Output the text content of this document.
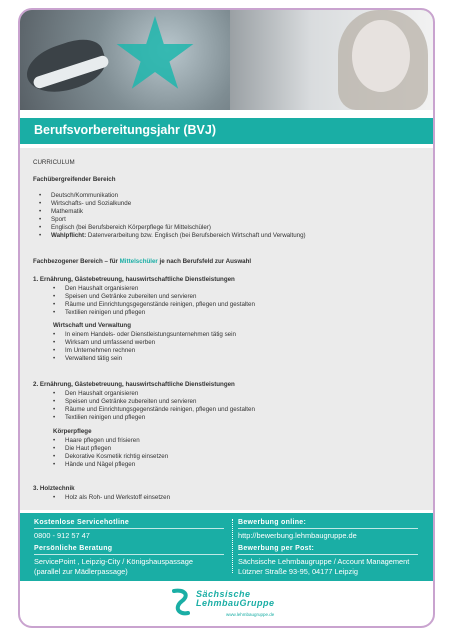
Berufsvorbereitungsjahr (BVJ)
CURRICULUM
Fachübergreifender Bereich
• Deutsch/Kommunikation
• Wirtschafts- und Sozialkunde
• Mathematik
• Sport
• Englisch (bei Berufsbereich Körperpflege für Mittelschüler)
• Wahlpflicht: Datenverarbeitung bzw. Englisch (bei Berufsbereich Wirtschaft und Verwaltung)
Fachbezogener Bereich – für Mittelschüler je nach Berufsfeld zur Auswahl
1. Ernährung, Gästebetreuung, hauswirtschaftliche Dienstleistungen
• Den Haushalt organisieren
• Speisen und Getränke zubereiten und servieren
• Räume und Einrichtungsgegenstände reinigen, pflegen und gestalten
• Textilien reinigen und pflegen
Wirtschaft und Verwaltung
• In einem Handels- oder Dienstleistungsunternehmen tätig sein
• Wirksam und umfassend werben
• Im Unternehmen rechnen
• Verwaltend tätig sein
2. Ernährung, Gästebetreuung, hauswirtschaftliche Dienstleistungen
• Den Haushalt organisieren
• Speisen und Getränke zubereiten und servieren
• Räume und Einrichtungsgegenstände reinigen, pflegen und gestalten
• Textilien reinigen und pflegen
Körperpflege
• Haare pflegen und frisieren
• Die Haut pflegen
• Dekorative Kosmetik richtig einsetzen
• Hände und Nägel pflegen
3. Holztechnik
• Holz als Roh- und Werkstoff einsetzen
Kostenlose Servicehotline
0800 - 912 57 47
Persönliche Beratung
ServicePoint , Leipzig-City / Königshauspassage
(parallel zur Mädlerpassage)
Bewerbung online:
http://bewerbung.lehmbaugruppe.de
Bewerbung per Post:
Sächsische Lehmbaugruppe / Account Management
Lützner Straße 93-95, 04177 Leipzig
Sächsische
LehmbauGruppe
www.lehmbaugruppe.de
